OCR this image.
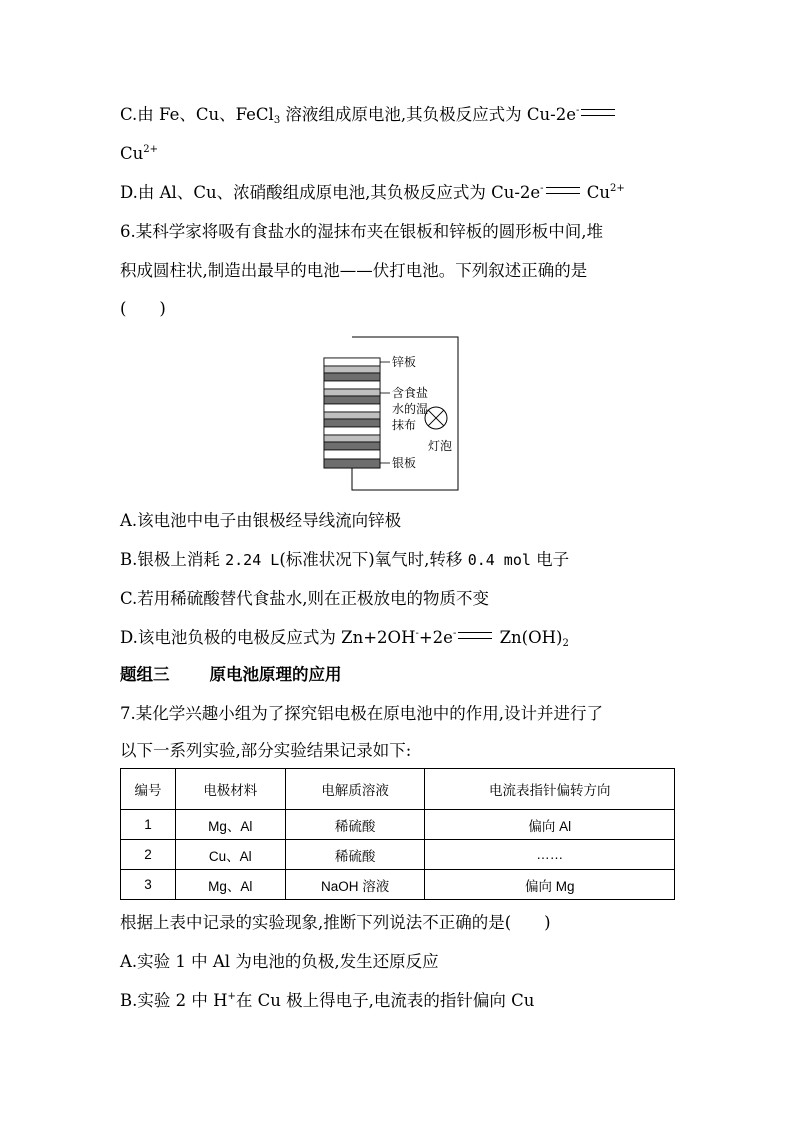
C.由 Fe、Cu、FeCl$_3$ 溶液组成原电池,其负极反应式为 Cu-2e-
$Cu^{2+}$
D.由 Al、Cu、浓硝酸组成原电池,其负极反应式为 Cu-2e- $Cu^{2+}$
6.某科学家将吸有食盐水的湿抹布夹在银板和锌板的圆形板中间,堆
积成圆柱状,制造出最早的电池——伏打电池。下列叙述正确的是
(　　)
锌板
含食盐
水的湿
抹布
灯泡
银板
A.该电池中电子由银极经导线流向锌极
B.银极上消耗 2.24 L(标准状况下)氧气时,转移 0.4 mol 电子
C.若用稀硫酸替代食盐水,则在正极放电的物质不变
D.该电池负极的电极反应式为 Zn+2OH-+2e- $Zn(OH)_2$
题组三 原电池原理的应用
7.某化学兴趣小组为了探究铝电极在原电池中的作用,设计并进行了
以下一系列实验,部分实验结果记录如下:
编号	电极材料	电解质溶液	电流表指针偏转方向
1	Mg、Al	稀硫酸	偏向 Al
2	Cu、Al	稀硫酸	……
3	Mg、Al	NaOH 溶液	偏向 Mg
根据上表中记录的实验现象,推断下列说法不正确的是(　　)
A.实验 1 中 Al 为电池的负极,发生还原反应
B.实验 2 中 H+在 Cu 极上得电子,电流表的指针偏向 Cu
